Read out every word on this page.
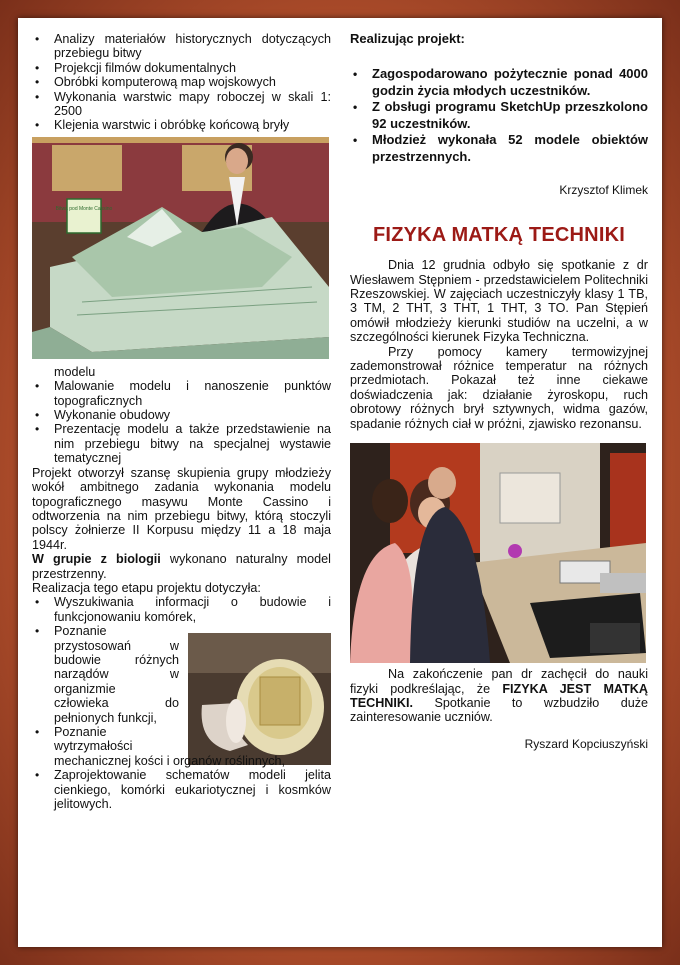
• Analizy materiałów historycznych dotyczących przebiegu bitwy
• Projekcji filmów dokumentalnych
• Obróbki komputerową map wojskowych
• Wykonania warstwic mapy roboczej w skali 1: 2500
• Klejenia warstwic i obróbkę końcową bryły
Bitwa pod Monte Cassino
modelu
• Malowanie modelu i nanoszenie punktów topograficznych
• Wykonanie obudowy
• Prezentację modelu a także przedstawienie na nim przebiegu bitwy na specjalnej wystawie tematycznej

Projekt otworzył szansę skupienia grupy młodzieży wokół ambitnego zadania wykonania modelu topograficznego masywu Monte Cassino i odtworzenia na nim przebiegu bitwy, którą stoczyli polscy żołnierze II Korpusu między 11 a 18 maja 1944r.

W grupie z biologii wykonano naturalny model przestrzenny.

Realizacja tego etapu projektu dotyczyła:

• Wyszukiwania informacji o budowie i funkcjonowaniu komórek,
• Poznanie
przystosowań w
budowie różnych
narządów w
organizmie
człowieka do
pełnionych funkcji,
• Poznanie
wytrzymałości
mechanicznej kości i organów roślinnych,
• Zaprojektowanie schematów modeli jelita cienkiego, komórki eukariotycznej i kosmków jelitowych.
Realizując projekt:
• Zagospodarowano pożytecznie ponad 4000 godzin życia młodych uczestników.
• Z obsługi programu SketchUp przeszkolono 92 uczestników.
• Młodzież wykonała 52 modele obiektów przestrzennych.
Krzysztof Klimek
FIZYKA MATKĄ TECHNIKI

Dnia 12 grudnia odbyło się spotkanie z dr Wiesławem Stępniem - przedstawicielem Politechniki Rzeszowskiej. W zajęciach uczestniczyły klasy 1 TB, 3 TM, 2 THT, 3 THT, 1 THT, 3 TO. Pan Stępień omówił młodzieży kierunki studiów na uczelni, a w szczególności kierunek Fizyka Techniczna.

Przy pomocy kamery termowizyjnej zademonstrował różnice temperatur na różnych przedmiotach. Pokazał też inne ciekawe doświadczenia jak: działanie żyroskopu, ruch obrotowy różnych brył sztywnych, widma gazów, spadanie różnych ciał w próżni, zjawisko rezonansu.

Na zakończenie pan dr zachęcił do nauki fizyki podkreślając, że FIZYKA JEST MATKĄ TECHNIKI. Spotkanie to wzbudziło duże zainteresowanie uczniów.

Ryszard Kopciuszyński
